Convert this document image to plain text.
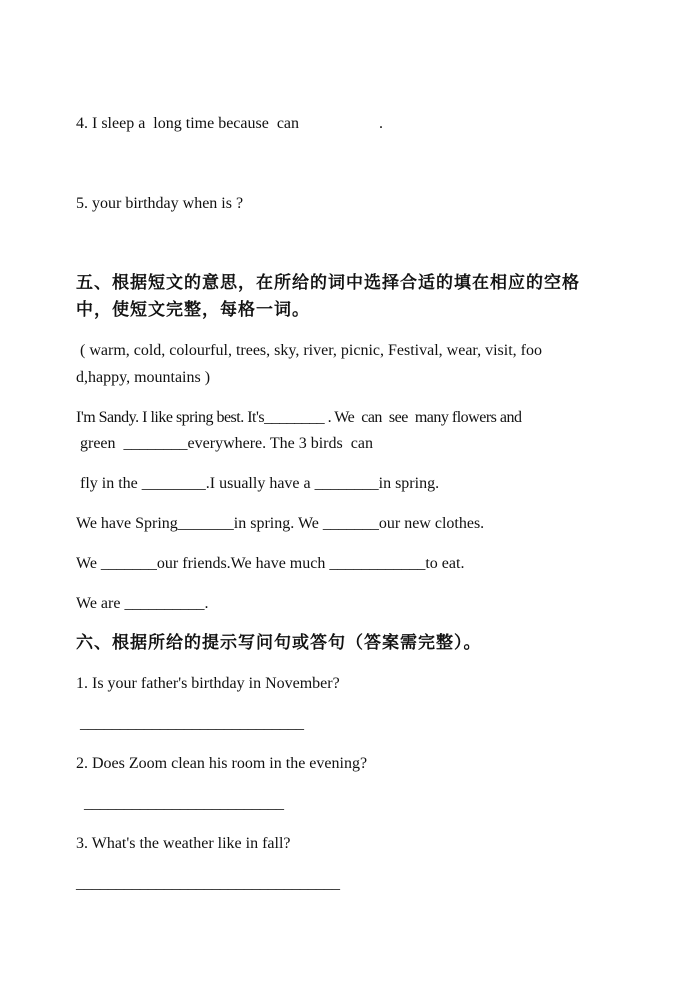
4. I sleep a  long time because  can                    .
5. your birthday when is ?
五、根据短文的意思，在所给的词中选择合适的填在相应的空格
中，使短文完整，每格一词。
( warm, cold, colourful, trees, sky, river, picnic, Festival, wear, visit, foo
d,happy, mountains )
I'm Sandy. I like spring best. It's________ . We  can  see  many flowers and
green  ________everywhere. The 3 birds  can
fly in the ________.I usually have a ________in spring.
We have Spring_______in spring. We _______our new clothes.
We _______our friends.We have much ____________to eat.
We are __________.
六、根据所给的提示写问句或答句（答案需完整）。
1. Is your father's birthday in November?
____________________________
2. Does Zoom clean his room in the evening?
_________________________
3. What's the weather like in fall?
_________________________________
